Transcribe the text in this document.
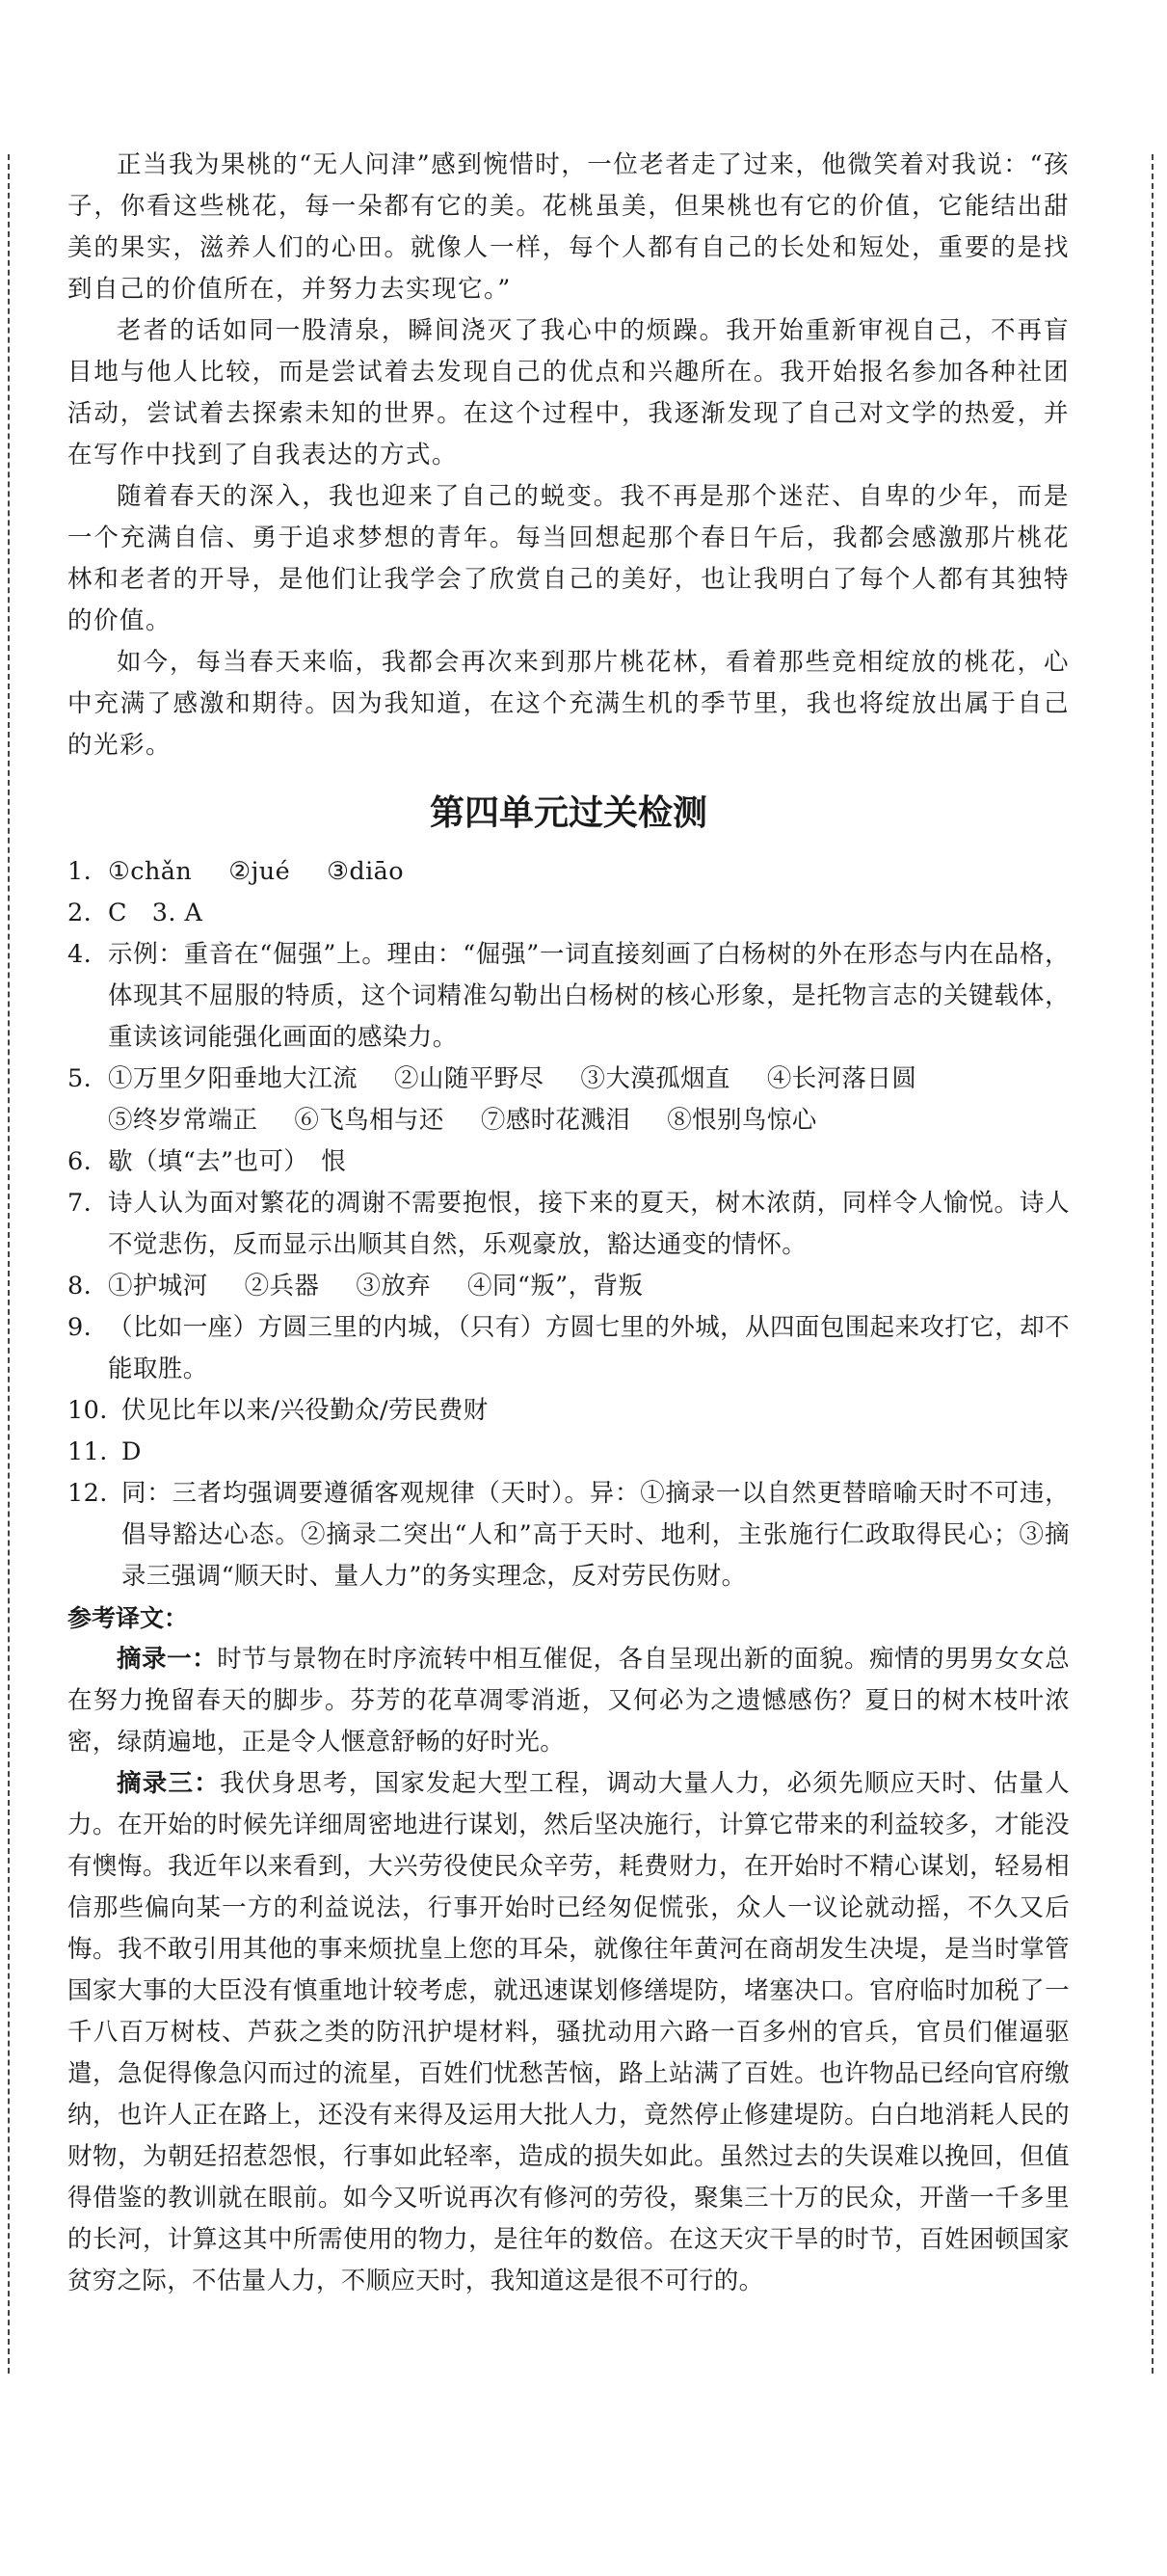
正当我为果桃的“无人问津”感到惋惜时，一位老者走了过来，他微笑着对我说：“孩子，你看这些桃花，每一朵都有它的美。花桃虽美，但果桃也有它的价值，它能结出甜美的果实，滋养人们的心田。就像人一样，每个人都有自己的长处和短处，重要的是找到自己的价值所在，并努力去实现它。”

老者的话如同一股清泉，瞬间浇灭了我心中的烦躁。我开始重新审视自己，不再盲目地与他人比较，而是尝试着去发现自己的优点和兴趣所在。我开始报名参加各种社团活动，尝试着去探索未知的世界。在这个过程中，我逐渐发现了自己对文学的热爱，并在写作中找到了自我表达的方式。

随着春天的深入，我也迎来了自己的蜕变。我不再是那个迷茫、自卑的少年，而是一个充满自信、勇于追求梦想的青年。每当回想起那个春日午后，我都会感激那片桃花林和老者的开导，是他们让我学会了欣赏自己的美好，也让我明白了每个人都有其独特的价值。

如今，每当春天来临，我都会再次来到那片桃花林，看着那些竞相绽放的桃花，心中充满了感激和期待。因为我知道，在这个充满生机的季节里，我也将绽放出属于自己的光彩。

第四单元过关检测
1. ①chǎn ②jué ③diāo
2. C　3. A
4. 示例：重音在“倔强”上。理由：“倔强”一词直接刻画了白杨树的外在形态与内在品格，体现其不屈服的特质，这个词精准勾勒出白杨树的核心形象，是托物言志的关键载体，重读该词能强化画面的感染力。
5. ①万里夕阳垂地大江流 ②山随平野尽 ③大漠孤烟直 ④长河落日圆
⑤终岁常端正 ⑥飞鸟相与还 ⑦感时花溅泪 ⑧恨别鸟惊心
6. 歇（填“去”也可）　恨
7. 诗人认为面对繁花的凋谢不需要抱恨，接下来的夏天，树木浓荫，同样令人愉悦。诗人不觉悲伤，反而显示出顺其自然，乐观豪放，豁达通变的情怀。
8. ①护城河 ②兵器 ③放弃 ④同“叛”，背叛
9. （比如一座）方圆三里的内城，（只有）方圆七里的外城，从四面包围起来攻打它，却不能取胜。
10. 伏见比年以来/兴役勤众/劳民费财
11. D
12. 同：三者均强调要遵循客观规律（天时）。异：①摘录一以自然更替暗喻天时不可违，倡导豁达心态。②摘录二突出“人和”高于天时、地利，主张施行仁政取得民心；③摘录三强调“顺天时、量人力”的务实理念，反对劳民伤财。
参考译文：

摘录一：时节与景物在时序流转中相互催促，各自呈现出新的面貌。痴情的男男女女总在努力挽留春天的脚步。芬芳的花草凋零消逝，又何必为之遗憾感伤？夏日的树木枝叶浓密，绿荫遍地，正是令人惬意舒畅的好时光。

摘录三：我伏身思考，国家发起大型工程，调动大量人力，必须先顺应天时、估量人力。在开始的时候先详细周密地进行谋划，然后坚决施行，计算它带来的利益较多，才能没有懊悔。我近年以来看到，大兴劳役使民众辛劳，耗费财力，在开始时不精心谋划，轻易相信那些偏向某一方的利益说法，行事开始时已经匆促慌张，众人一议论就动摇，不久又后悔。我不敢引用其他的事来烦扰皇上您的耳朵，就像往年黄河在商胡发生决堤，是当时掌管国家大事的大臣没有慎重地计较考虑，就迅速谋划修缮堤防，堵塞决口。官府临时加税了一千八百万树枝、芦荻之类的防汛护堤材料，骚扰动用六路一百多州的官兵，官员们催逼驱遣，急促得像急闪而过的流星，百姓们忧愁苦恼，路上站满了百姓。也许物品已经向官府缴纳，也许人正在路上，还没有来得及运用大批人力，竟然停止修建堤防。白白地消耗人民的财物，为朝廷招惹怨恨，行事如此轻率，造成的损失如此。虽然过去的失误难以挽回，但值得借鉴的教训就在眼前。如今又听说再次有修河的劳役，聚集三十万的民众，开凿一千多里的长河，计算这其中所需使用的物力，是往年的数倍。在这天灾干旱的时节，百姓困顿国家贫穷之际，不估量人力，不顺应天时，我知道这是很不可行的。
